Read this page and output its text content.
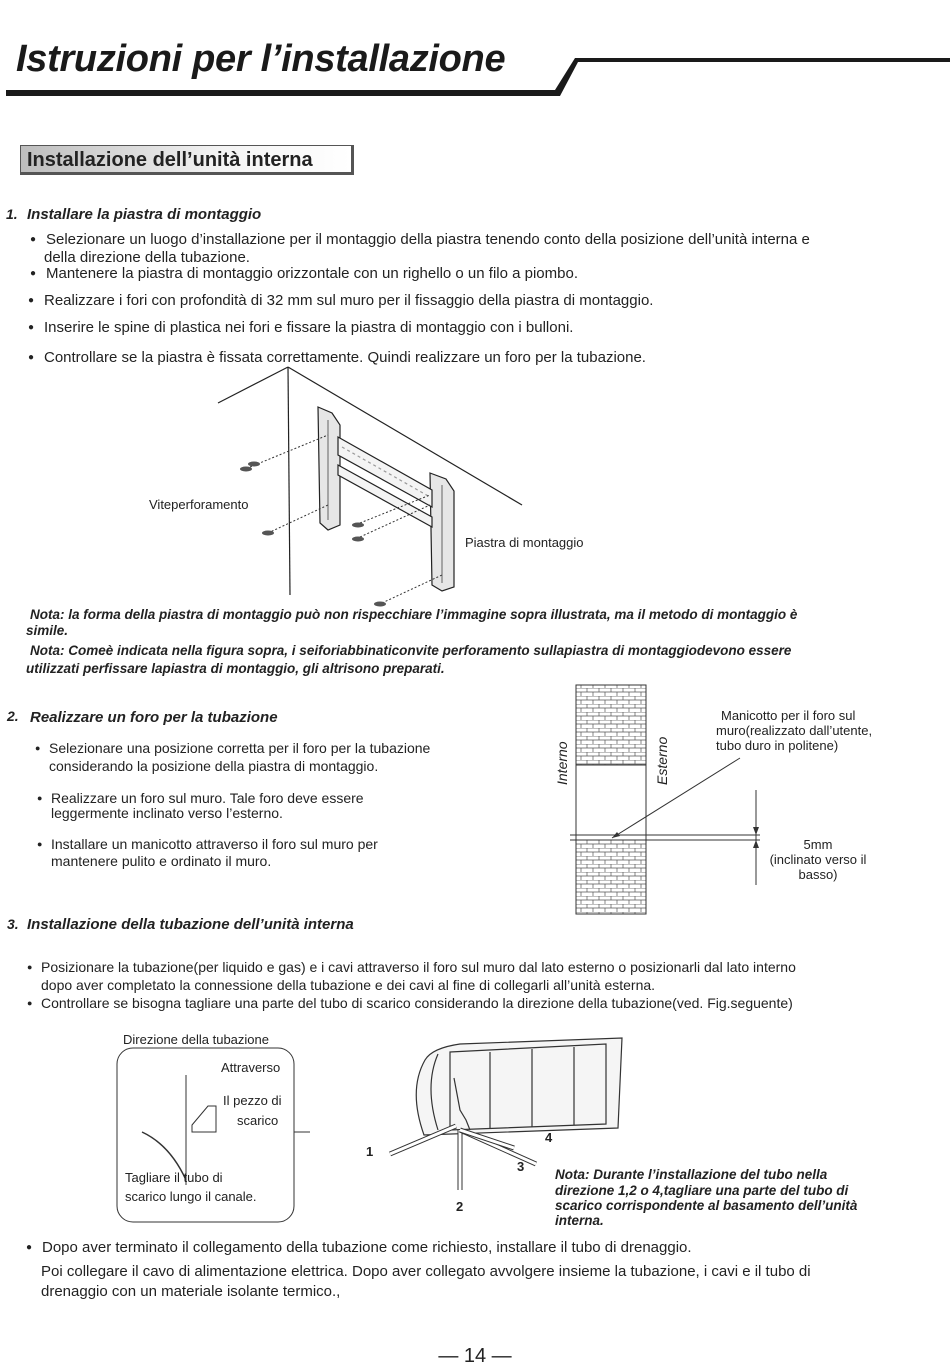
Istruzioni per l’installazione
Installazione dell’unità interna
1. Installare la piastra di montaggio
● Selezionare un luogo d’installazione per il montaggio della piastra tenendo conto della posizione dell’unità interna e
della direzione della tubazione.
● Mantenere la piastra di montaggio orizzontale con un righello o un filo a piombo.
● Realizzare i fori con profondità di 32 mm sul muro per il fissaggio della piastra di montaggio.
● Inserire le spine di plastica nei fori e fissare la piastra di montaggio con i bulloni.
● Controllare se la piastra è fissata correttamente. Quindi realizzare un foro per la tubazione.
Viteperforamento
Piastra di montaggio
Nota: la forma della piastra di montaggio può non rispecchiare l’immagine sopra illustrata, ma il metodo di montaggio è
simile.
Nota: Comeè indicata nella figura sopra, i seiforiabbinaticonvite perforamento sullapiastra di montaggiodevono essere
utilizzati perfissare lapiastra di montaggio, gli altrisono preparati.
2. Realizzare un foro per la tubazione
● Selezionare una posizione corretta per il foro per la tubazione
considerando la posizione della piastra di montaggio.
● Realizzare un foro sul muro. Tale foro deve essere
leggermente inclinato verso l’esterno.
● Installare un manicotto attraverso il foro sul muro per
mantenere pulito e ordinato il muro.
Interno	Esterno
Manicotto per il foro sul
muro(realizzato dall’utente,
tubo duro in politene)
5mm
(inclinato verso il
basso)
3. Installazione della tubazione dell’unità interna
● Posizionare la tubazione(per liquido e gas) e i cavi attraverso il foro sul muro dal lato esterno o posizionarli dal lato interno
dopo aver completato la connessione della tubazione e dei cavi al fine di collegarli all’unità esterna.
● Controllare se bisogna tagliare una parte del tubo di scarico considerando la direzione della tubazione(ved. Fig.seguente)
Direzione della tubazione
Attraverso
Il pezzo di
scarico
Tagliare il tubo di
scarico lungo il canale.
1
2
3
4
Nota: Durante l’installazione del tubo nella
direzione 1,2 o 4,tagliare una parte del tubo di
scarico corrispondente al basamento dell’unità
interna.
● Dopo aver terminato il collegamento della tubazione come richiesto, installare il tubo di drenaggio.
Poi collegare il cavo di alimentazione elettrica. Dopo aver collegato avvolgere insieme la tubazione, i cavi e il tubo di
drenaggio con un materiale isolante termico.,
— 14 —
